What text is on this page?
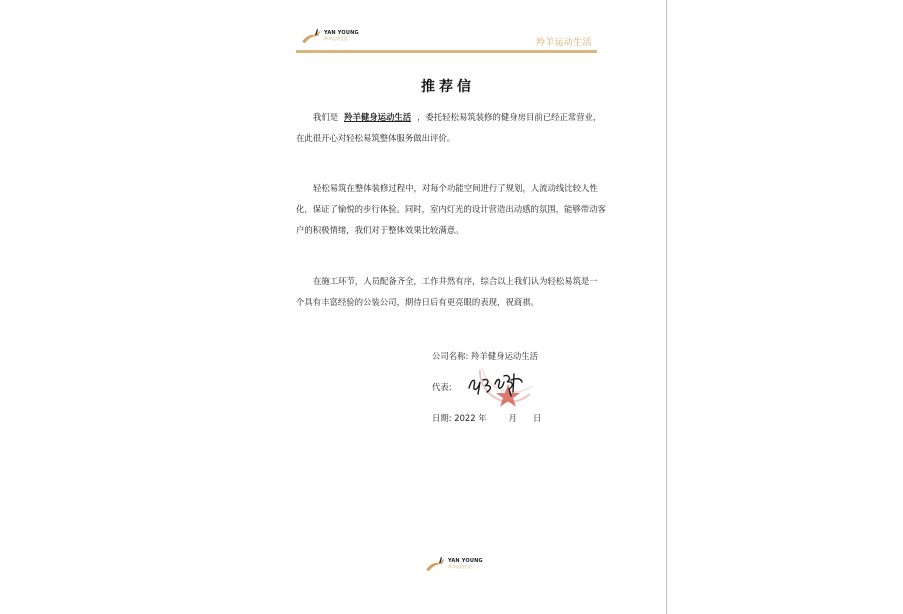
YAN YOUNG
羚羊运动生活	羚羊运动生活
推荐信

我们是 羚羊健身运动生活 ，委托轻松易筑装修的健身房目前已经正常营业，在此很开心对轻松易筑整体服务做出评价。

轻松易筑在整体装修过程中，对每个功能空间进行了规划，人流动线比较人性化，保证了愉悦的步行体验。同时，室内灯光的设计营造出动感的氛围，能够带动客户的积极情绪，我们对于整体效果比较满意。

在施工环节，人员配备齐全，工作井然有序，综合以上我们认为轻松易筑是一个具有丰富经验的公装公司，期待日后有更亮眼的表现，祝商祺。

公司名称: 羚羊健身运动生活
代表:
日期: 2022 年	月 日
YAN YOUNG
羚羊运动生活
